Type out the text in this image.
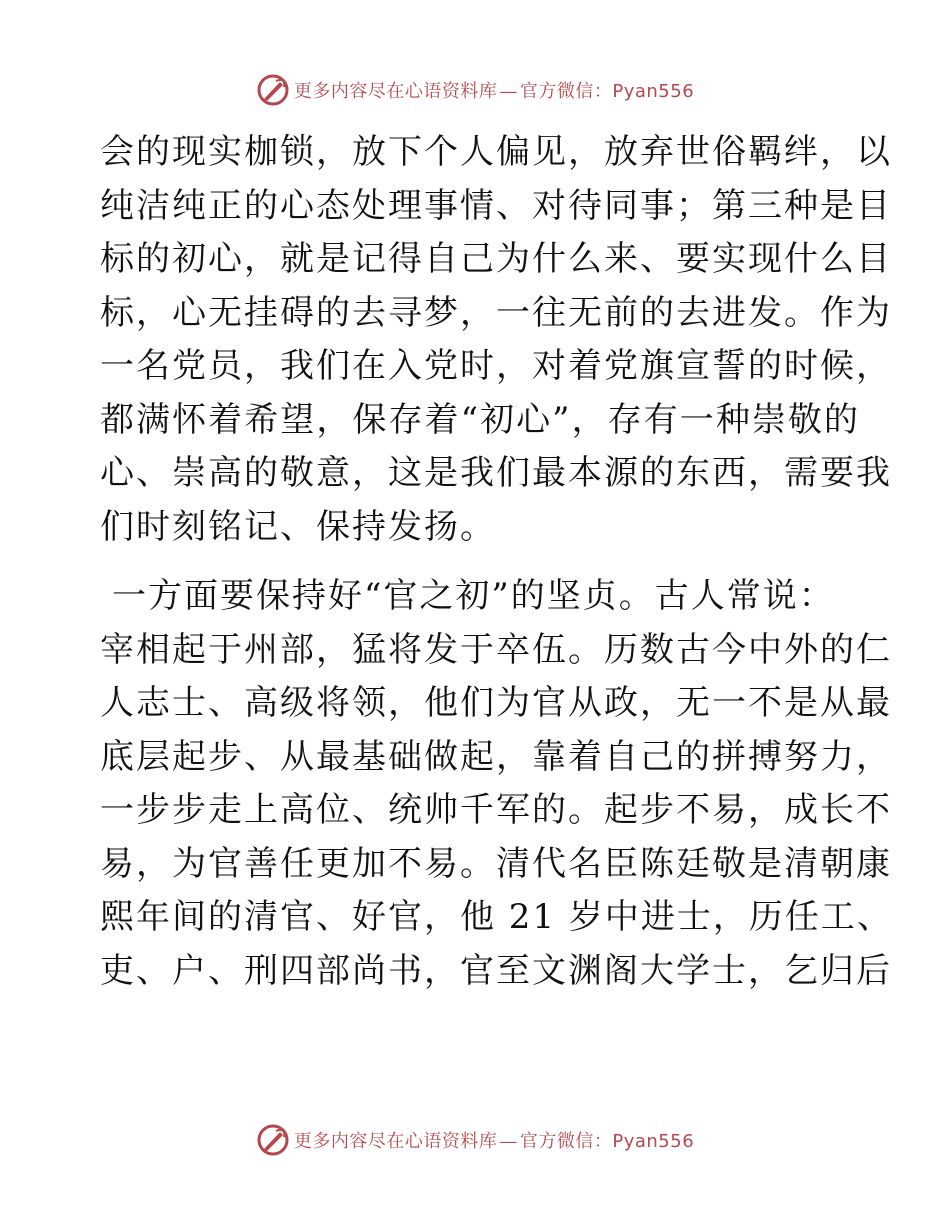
更多内容尽在心语资料库 — 官方微信：Pyan556
会的现实枷锁，放下个人偏见，放弃世俗羁绊，以
纯洁纯正的心态处理事情、对待同事；第三种是目
标的初心，就是记得自己为什么来、要实现什么目
标，心无挂碍的去寻梦，一往无前的去进发。作为
一名党员，我们在入党时，对着党旗宣誓的时候，
都满怀着希望，保存着“初心”，存有一种崇敬的
心、崇高的敬意，这是我们最本源的东西，需要我
们时刻铭记、保持发扬。
一方面要保持好“官之初”的坚贞。古人常说：
宰相起于州部，猛将发于卒伍。历数古今中外的仁
人志士、高级将领，他们为官从政，无一不是从最
底层起步、从最基础做起，靠着自己的拼搏努力，
一步步走上高位、统帅千军的。起步不易，成长不
易，为官善任更加不易。清代名臣陈廷敬是清朝康
熙年间的清官、好官，他 21 岁中进士，历任工、
吏、户、刑四部尚书，官至文渊阁大学士，乞归后
更多内容尽在心语资料库 — 官方微信：Pyan556
